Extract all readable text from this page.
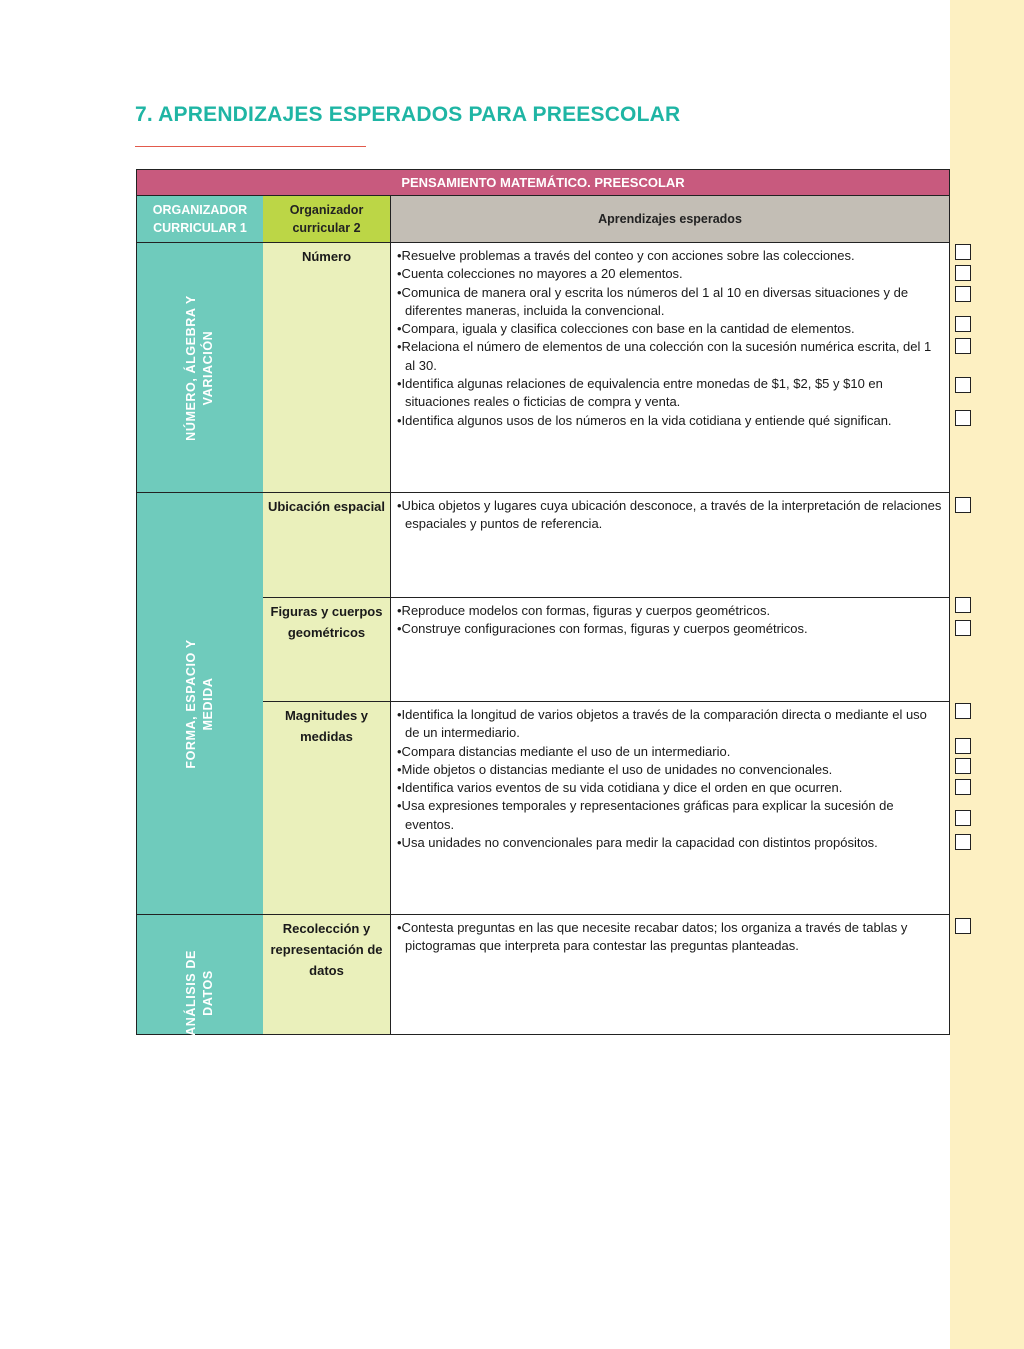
7. APRENDIZAJES ESPERADOS PARA PREESCOLAR
PENSAMIENTO MATEMÁTICO. PREESCOLAR
ORGANIZADOR CURRICULAR 1
Organizador curricular 2
Aprendizajes esperados
NÚMERO, ÁLGEBRA Y VARIACIÓN
Número	•Resuelve problemas a través del conteo y con acciones sobre las colecciones.
•Cuenta colecciones no mayores a 20 elementos.
•Comunica de manera oral y escrita los números del 1 al 10 en diversas situaciones y de diferentes maneras, incluida la convencional.
•Compara, iguala y clasifica colecciones con base en la cantidad de elementos.
•Relaciona el número de elementos de una colección con la sucesión numérica escrita, del 1 al 30.
•Identifica algunas relaciones de equivalencia entre monedas de $1, $2, $5 y $10 en situaciones reales o ficticias de compra y venta.
•Identifica algunos usos de los números en la vida cotidiana y entiende qué significan.
FORMA, ESPACIO Y MEDIDA
Ubicación espacial •Ubica objetos y lugares cuya ubicación desconoce, a través de la interpretación de relaciones espaciales y puntos de referencia.
Figuras y cuerpos geométricos
•Reproduce modelos con formas, figuras y cuerpos geométricos.
•Construye configuraciones con formas, figuras y cuerpos geométricos.
Magnitudes y medidas
•Identifica la longitud de varios objetos a través de la comparación directa o mediante el uso de un intermediario.
•Compara distancias mediante el uso de un intermediario.
•Mide objetos o distancias mediante el uso de unidades no convencionales.
•Identifica varios eventos de su vida cotidiana y dice el orden en que ocurren.
•Usa expresiones temporales y representaciones gráficas para explicar la sucesión de eventos.
•Usa unidades no convencionales para medir la capacidad con distintos propósitos.
ANÁLISIS DE DATOS
Recolección y representación de datos
•Contesta preguntas en las que necesite recabar datos; los organiza a través de tablas y pictogramas que interpreta para contestar las preguntas planteadas.
